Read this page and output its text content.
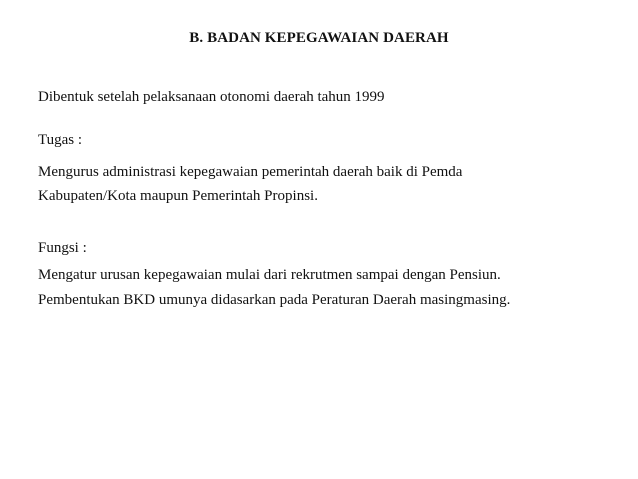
B. BADAN KEPEGAWAIAN DAERAH
Dibentuk setelah pelaksanaan otonomi daerah tahun 1999
Tugas :
Mengurus administrasi kepegawaian pemerintah daerah baik di Pemda
Kabupaten/Kota maupun Pemerintah Propinsi.
Fungsi :
Mengatur urusan kepegawaian mulai dari rekrutmen sampai dengan Pensiun.
Pembentukan BKD umunya didasarkan pada Peraturan Daerah masingmasing.
